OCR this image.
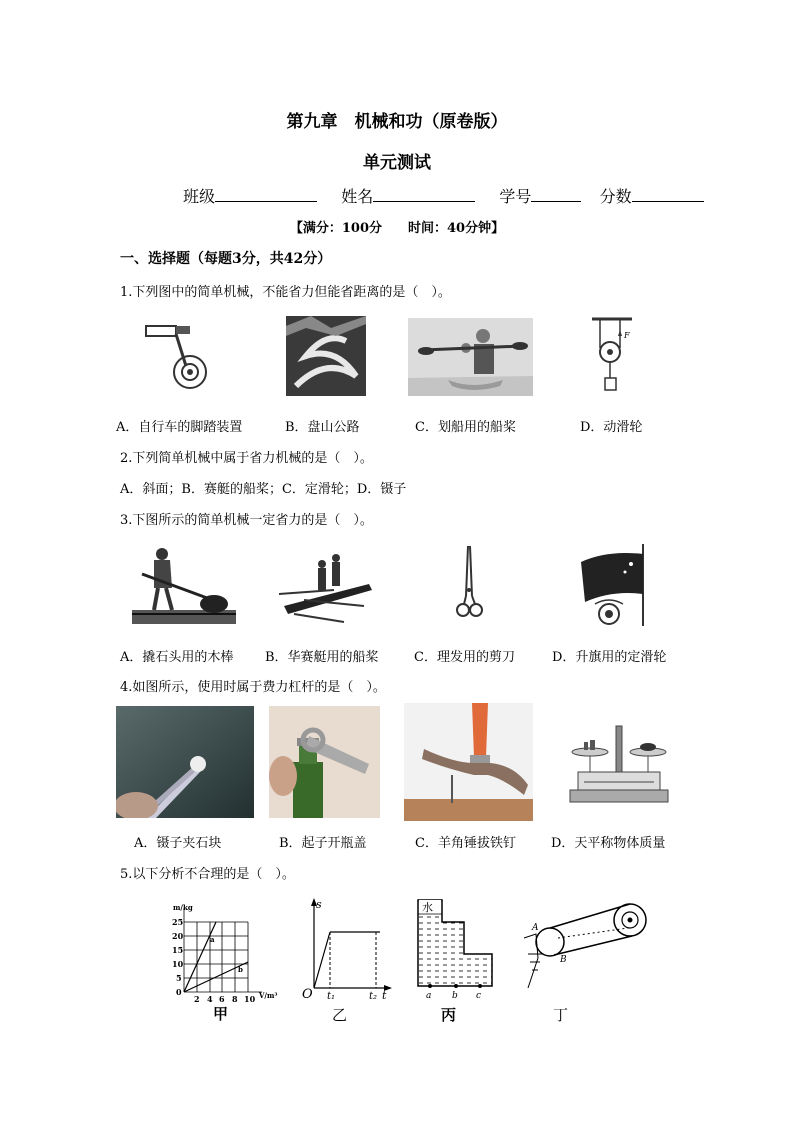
第九章　机械和功（原卷版）
单元测试
班级	姓名	学号	分数
【满分：100分　　时间：40分钟】
一、选择题（每题3分，共42分）
1.下列图中的简单机械，不能省力但能省距离的是（　）。
F
A．自行车的脚踏装置	B．盘山公路	C．划船用的船桨	D．动滑轮
2.下列简单机械中属于省力机械的是（　）。
A．斜面；B．赛艇的船桨；C．定滑轮；D．镊子
3.下图所示的简单机械一定省力的是（　）。
A．撬石头用的木棒 B．华赛艇用的船桨	C．理发用的剪刀	D．升旗用的定滑轮
4.如图所示，使用时属于费力杠杆的是（　）。
A．镊子夹石块	B．起子开瓶盖	C．羊角锤拔铁钉	D．天平称物体质量
5.以下分析不合理的是（　）。
m/kg
a
b
25
20
15
10
5
0
2 4 6 8 10 V/m³
甲
s
O t₁	t₂ t
乙
水
a b c
丙
A
B
丁
